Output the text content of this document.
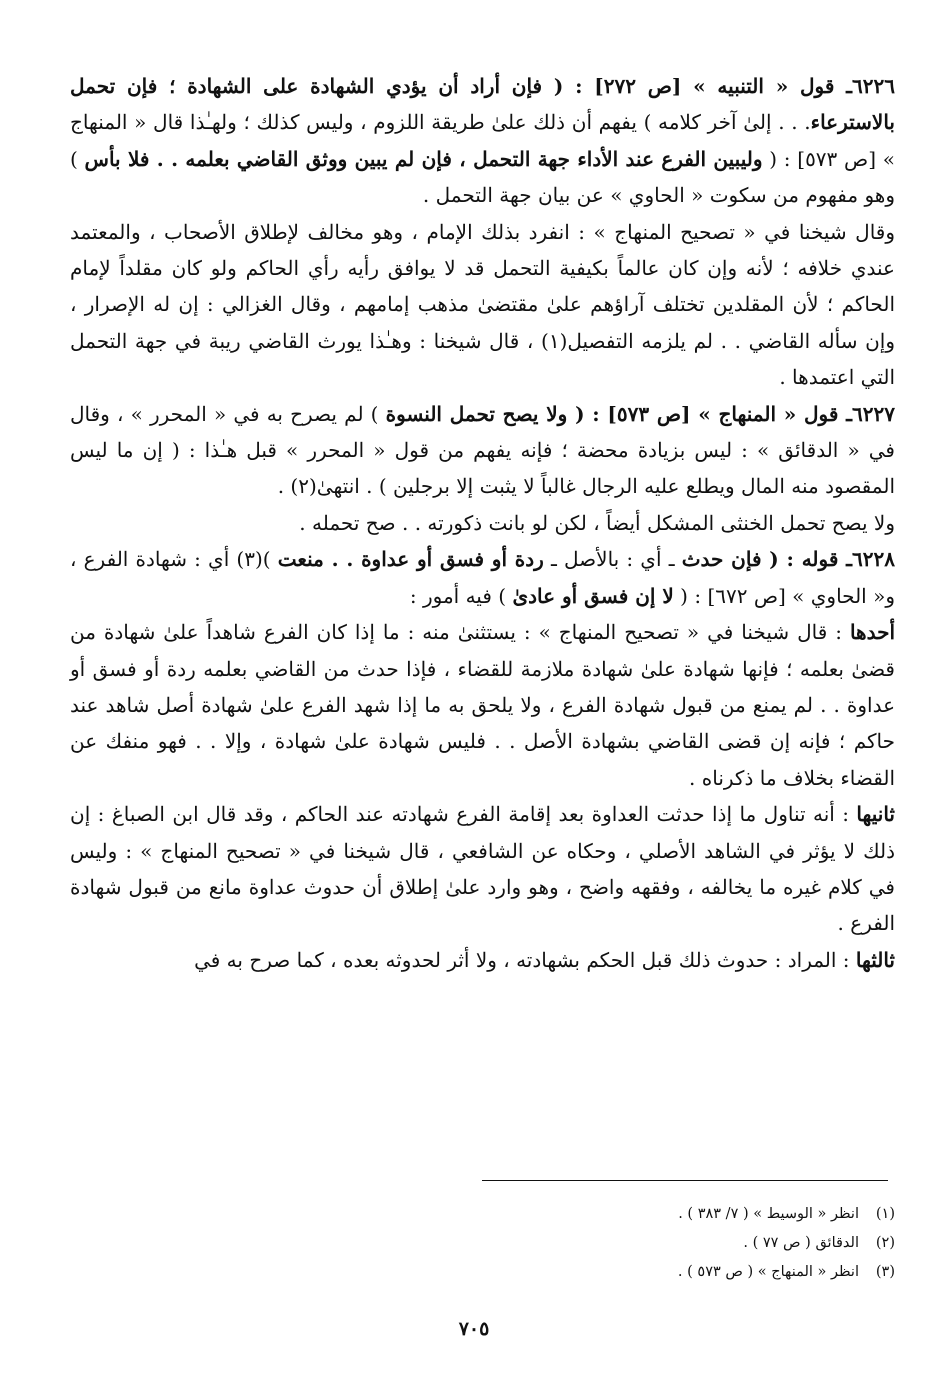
٦٢٢٦ـ قول « التنبيه » [ص ٢٧٢] : ( فإن أراد أن يؤدي الشهادة على الشهادة ؛ فإن تحمل بالاسترعاء. . . إلىٰ آخر كلامه ) يفهم أن ذلك علىٰ طريقة اللزوم ، وليس كذلك ؛ ولهـٰذا قال « المنهاج » [ص ٥٧٣] : ( وليبين الفرع عند الأداء جهة التحمل ، فإن لم يبين ووثق القاضي بعلمه . . فلا بأس ) وهو مفهوم من سكوت « الحاوي » عن بيان جهة التحمل .

وقال شيخنا في « تصحيح المنهاج » : انفرد بذلك الإمام ، وهو مخالف لإطلاق الأصحاب ، والمعتمد عندي خلافه ؛ لأنه وإن كان عالماً بكيفية التحمل قد لا يوافق رأيه رأي الحاكم ولو كان مقلداً لإمام الحاكم ؛ لأن المقلدين تختلف آراؤهم علىٰ مقتضىٰ مذهب إمامهم ، وقال الغزالي : إن له الإصرار ، وإن سأله القاضي . . لم يلزمه التفصيل(١) ، قال شيخنا : وهـٰذا يورث القاضي ريبة في جهة التحمل التي اعتمدها .

٦٢٢٧ـ قول « المنهاج » [ص ٥٧٣] : ( ولا يصح تحمل النسوة ) لم يصرح به في « المحرر » ، وقال في « الدقائق » : ليس بزيادة محضة ؛ فإنه يفهم من قول « المحرر » قبل هـٰذا : ( إن ما ليس المقصود منه المال ويطلع عليه الرجال غالباً لا يثبت إلا برجلين ) . انتهىٰ(٢) .

ولا يصح تحمل الخنثى المشكل أيضاً ، لكن لو بانت ذكورته . . صح تحمله .

٦٢٢٨ـ قوله : ( فإن حدث ـ أي : بالأصل ـ ردة أو فسق أو عداوة . . منعت )(٣) أي : شهادة الفرع ، و« الحاوي » [ص ٦٧٢] : ( لا إن فسق أو عادىٰ ) فيه أمور :

أحدها : قال شيخنا في « تصحيح المنهاج » : يستثنىٰ منه : ما إذا كان الفرع شاهداً علىٰ شهادة من قضىٰ بعلمه ؛ فإنها شهادة علىٰ شهادة ملازمة للقضاء ، فإذا حدث من القاضي بعلمه ردة أو فسق أو عداوة . . لم يمنع من قبول شهادة الفرع ، ولا يلحق به ما إذا شهد الفرع علىٰ شهادة أصل شاهد عند حاكم ؛ فإنه إن قضى القاضي بشهادة الأصل . . فليس شهادة علىٰ شهادة ، وإلا . . فهو منفك عن القضاء بخلاف ما ذكرناه .

ثانيها : أنه تناول ما إذا حدثت العداوة بعد إقامة الفرع شهادته عند الحاكم ، وقد قال ابن الصباغ : إن ذلك لا يؤثر في الشاهد الأصلي ، وحكاه عن الشافعي ، قال شيخنا في « تصحيح المنهاج » : وليس في كلام غيره ما يخالفه ، وفقهه واضح ، وهو وارد علىٰ إطلاق أن حدوث عداوة مانع من قبول شهادة الفرع .

ثالثها : المراد : حدوث ذلك قبل الحكم بشهادته ، ولا أثر لحدوثه بعده ، كما صرح به في

(١)انظر « الوسيط » ( ٧/ ٣٨٣ ) .
(٢)الدقائق ( ص ٧٧ ) .
(٣)انظر « المنهاج » ( ص ٥٧٣ ) .
٧٠٥
